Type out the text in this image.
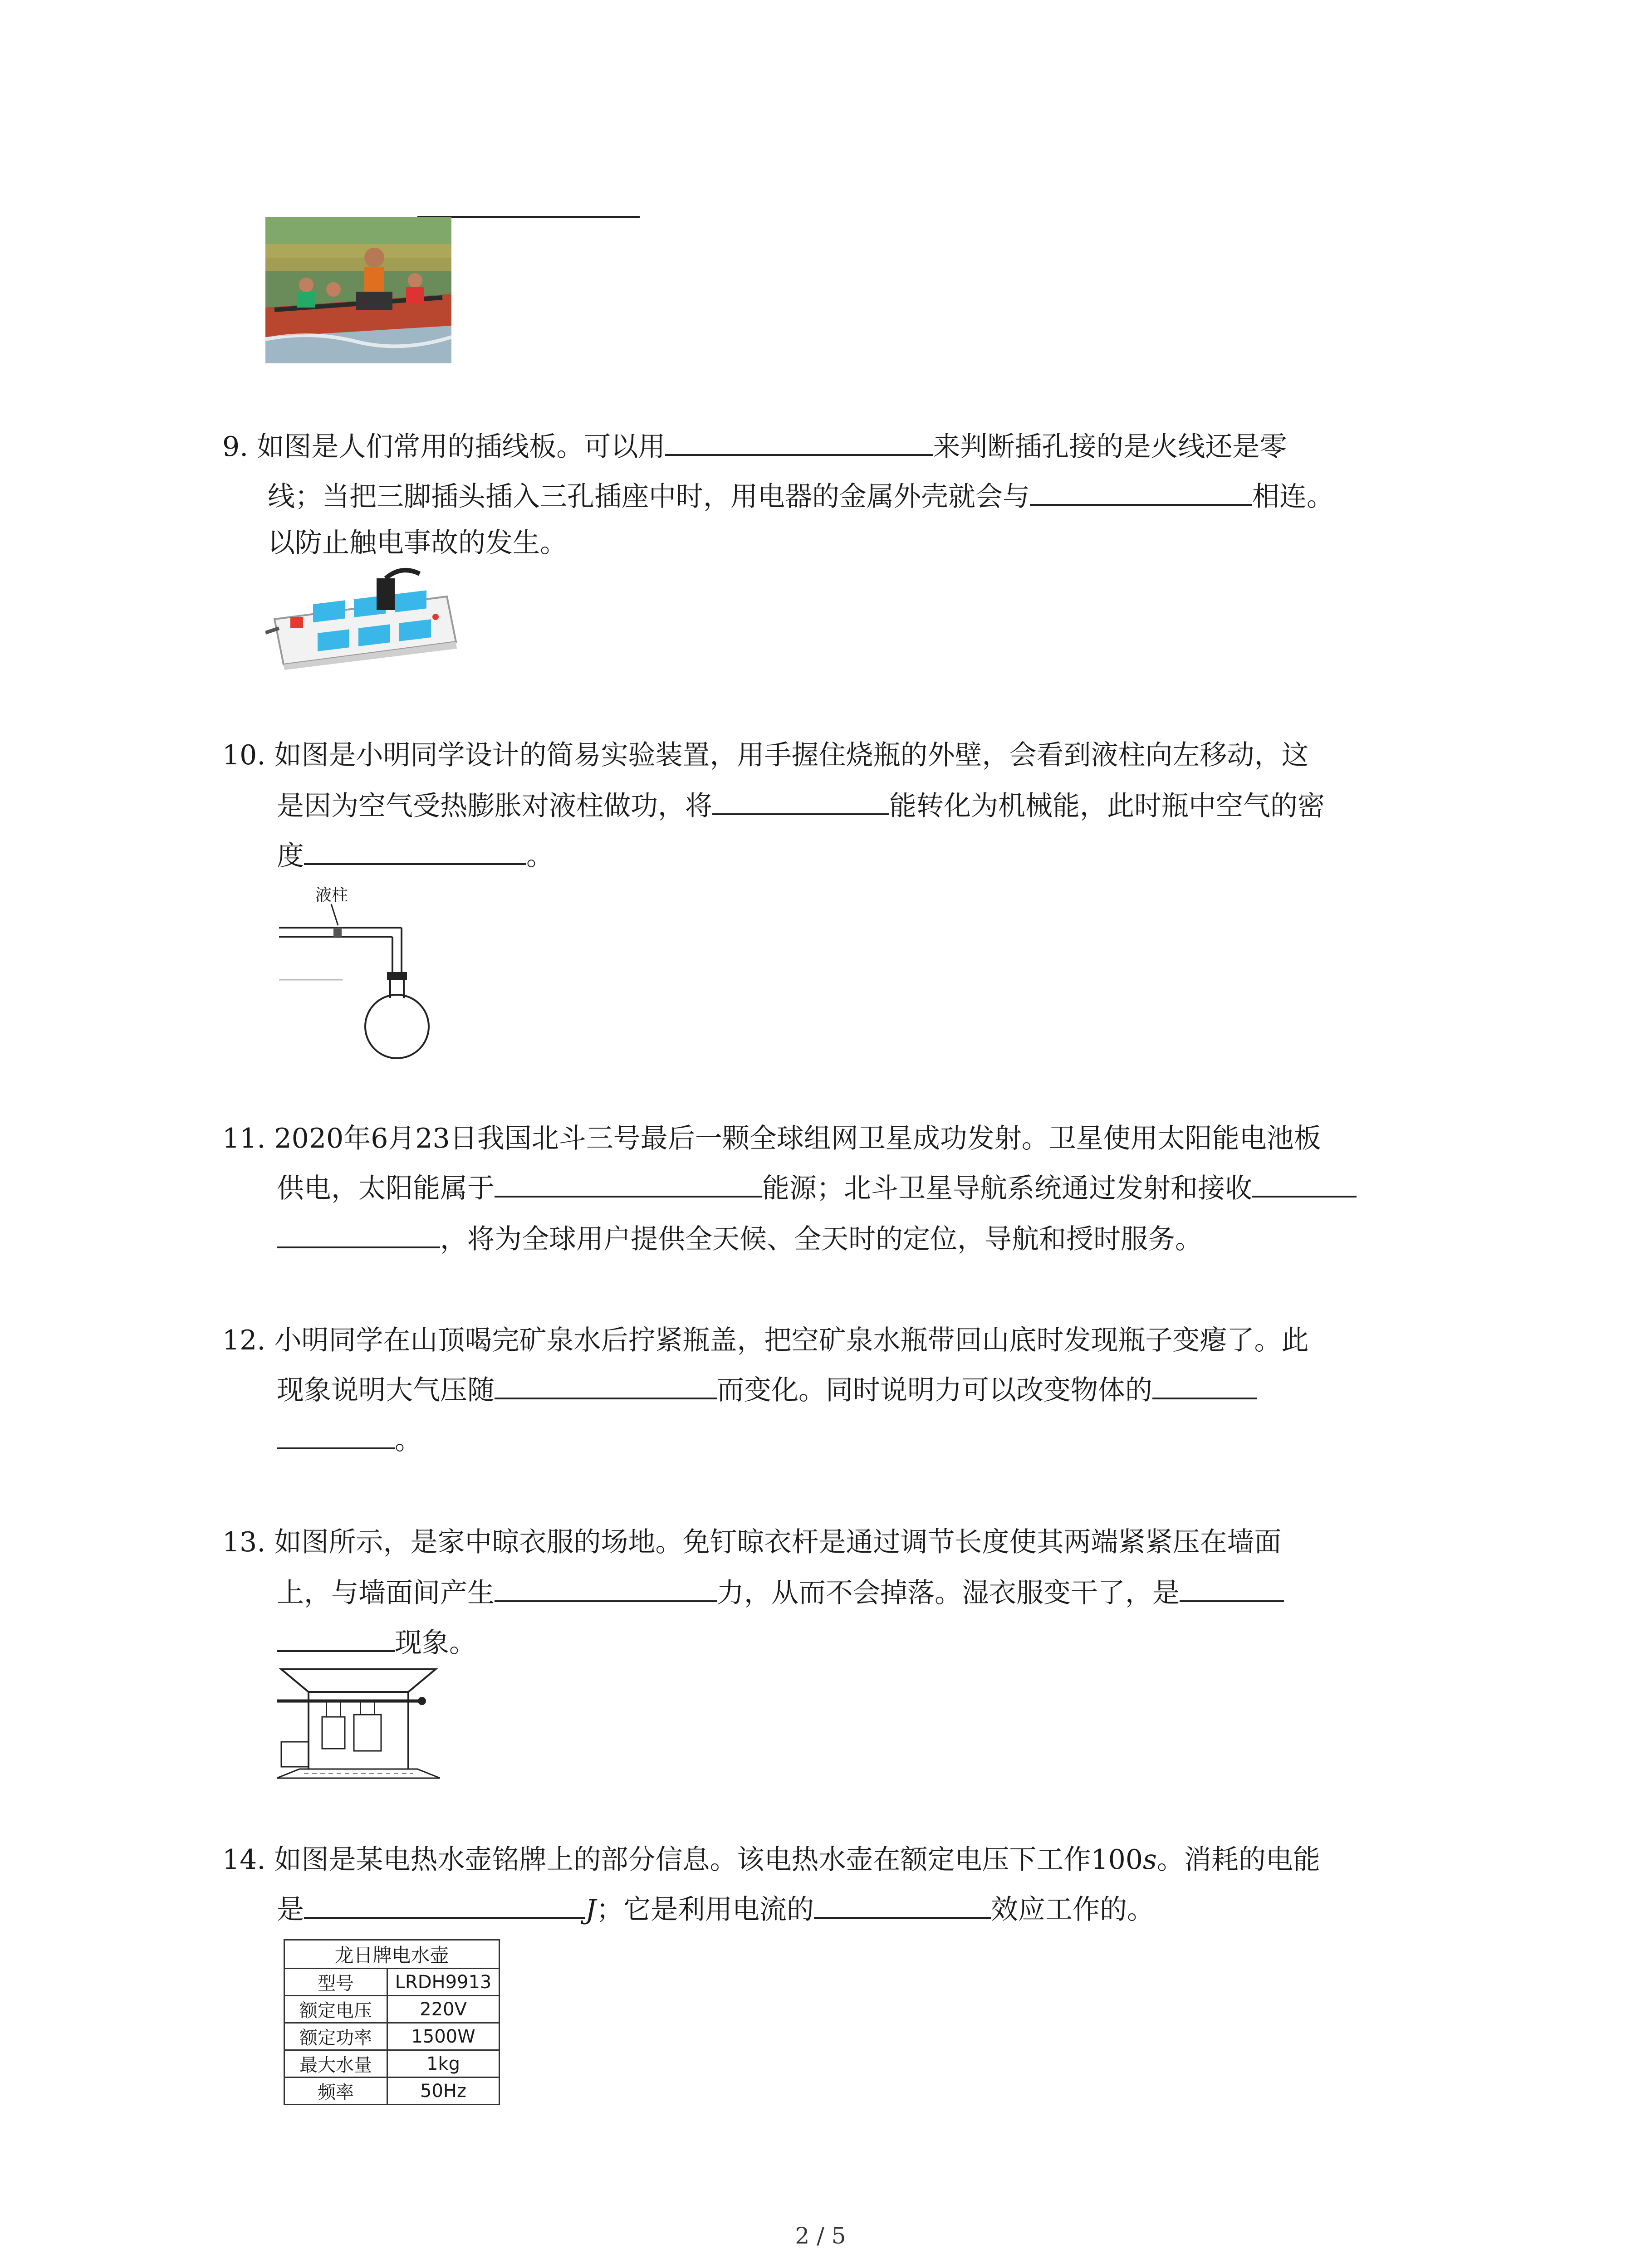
9. 如图是人们常用的插线板。可以用	来判断插孔接的是火线还是零
线；当把三脚插头插入三孔插座中时，用电器的金属外壳就会与	相连。
以防止触电事故的发生。
10. 如图是小明同学设计的简易实验装置，用手握住烧瓶的外壁，会看到液柱向左移动，这
是因为空气受热膨胀对液柱做功，将	能转化为机械能，此时瓶中空气的密
度	。
液柱
11. 2020年6月23日我国北斗三号最后一颗全球组网卫星成功发射。卫星使用太阳能电池板
供电，太阳能属于	能源；北斗卫星导航系统通过发射和接收
，将为全球用户提供全天候、全天时的定位，导航和授时服务。
12. 小明同学在山顶喝完矿泉水后拧紧瓶盖，把空矿泉水瓶带回山底时发现瓶子变瘪了。此
现象说明大气压随	而变化。同时说明力可以改变物体的
。
13. 如图所示，是家中晾衣服的场地。免钉晾衣杆是通过调节长度使其两端紧紧压在墙面
上，与墙面间产生	力，从而不会掉落。湿衣服变干了，是
现象。
14. 如图是某电热水壶铭牌上的部分信息。该电热水壶在额定电压下工作100s。消耗的电能
是	J；它是利用电流的	效应工作的。
龙日牌电水壶	
型号	LRDH9913
额定电压	220V
额定功率	1500W
最大水量	1kg
频率	50Hz
2 / 5
